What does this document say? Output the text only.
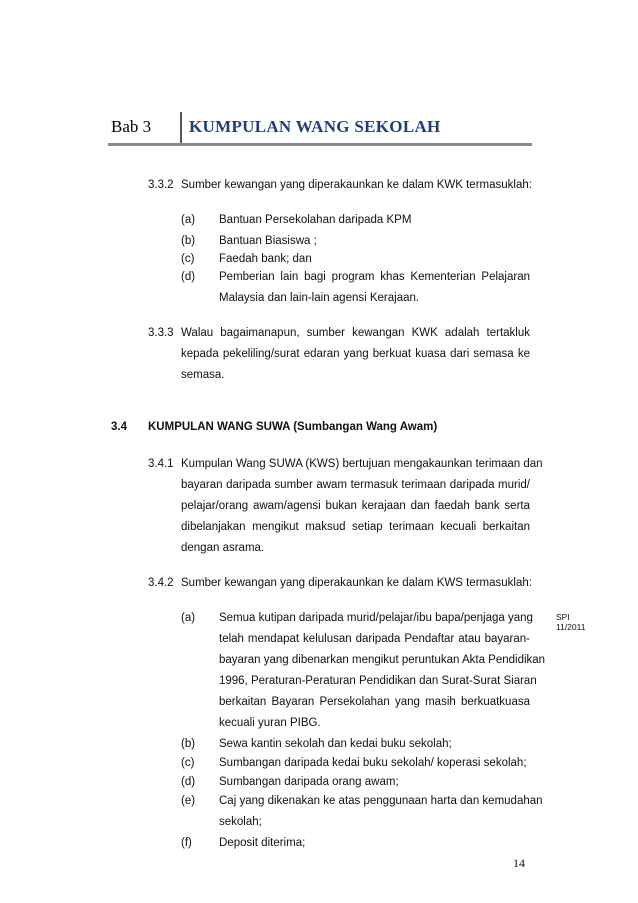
Bab 3 KUMPULAN WANG SEKOLAH
3.3.2 Sumber kewangan yang diperakaunkan ke dalam KWK termasuklah:
(a) Bantuan Persekolahan daripada KPM
(b) Bantuan Biasiswa ;
(c) Faedah bank; dan
(d) Pemberian lain bagi program khas Kementerian Pelajaran
Malaysia dan lain-lain agensi Kerajaan.
3.3.3 Walau bagaimanapun, sumber kewangan KWK adalah tertakluk
kepada pekeliling/surat edaran yang berkuat kuasa dari semasa ke
semasa.
3.4 KUMPULAN WANG SUWA (Sumbangan Wang Awam)
3.4.1 Kumpulan Wang SUWA (KWS) bertujuan mengakaunkan terimaan dan
bayaran daripada sumber awam termasuk terimaan daripada murid/
pelajar/orang awam/agensi bukan kerajaan dan faedah bank serta
dibelanjakan mengikut maksud setiap terimaan kecuali berkaitan
dengan asrama.
3.4.2 Sumber kewangan yang diperakaunkan ke dalam KWS termasuklah:
(a) Semua kutipan daripada murid/pelajar/ibu bapa/penjaga yang
telah mendapat kelulusan daripada Pendaftar atau bayaran-
bayaran yang dibenarkan mengikut peruntukan Akta Pendidikan
1996, Peraturan-Peraturan Pendidikan dan Surat-Surat Siaran
berkaitan Bayaran Persekolahan yang masih berkuatkuasa
kecuali yuran PIBG.
(b) Sewa kantin sekolah dan kedai buku sekolah;
(c) Sumbangan daripada kedai buku sekolah/ koperasi sekolah;
(d) Sumbangan daripada orang awam;
(e) Caj yang dikenakan ke atas penggunaan harta dan kemudahan
sekolah;
(f) Deposit diterima;
SPI
11/2011
14
